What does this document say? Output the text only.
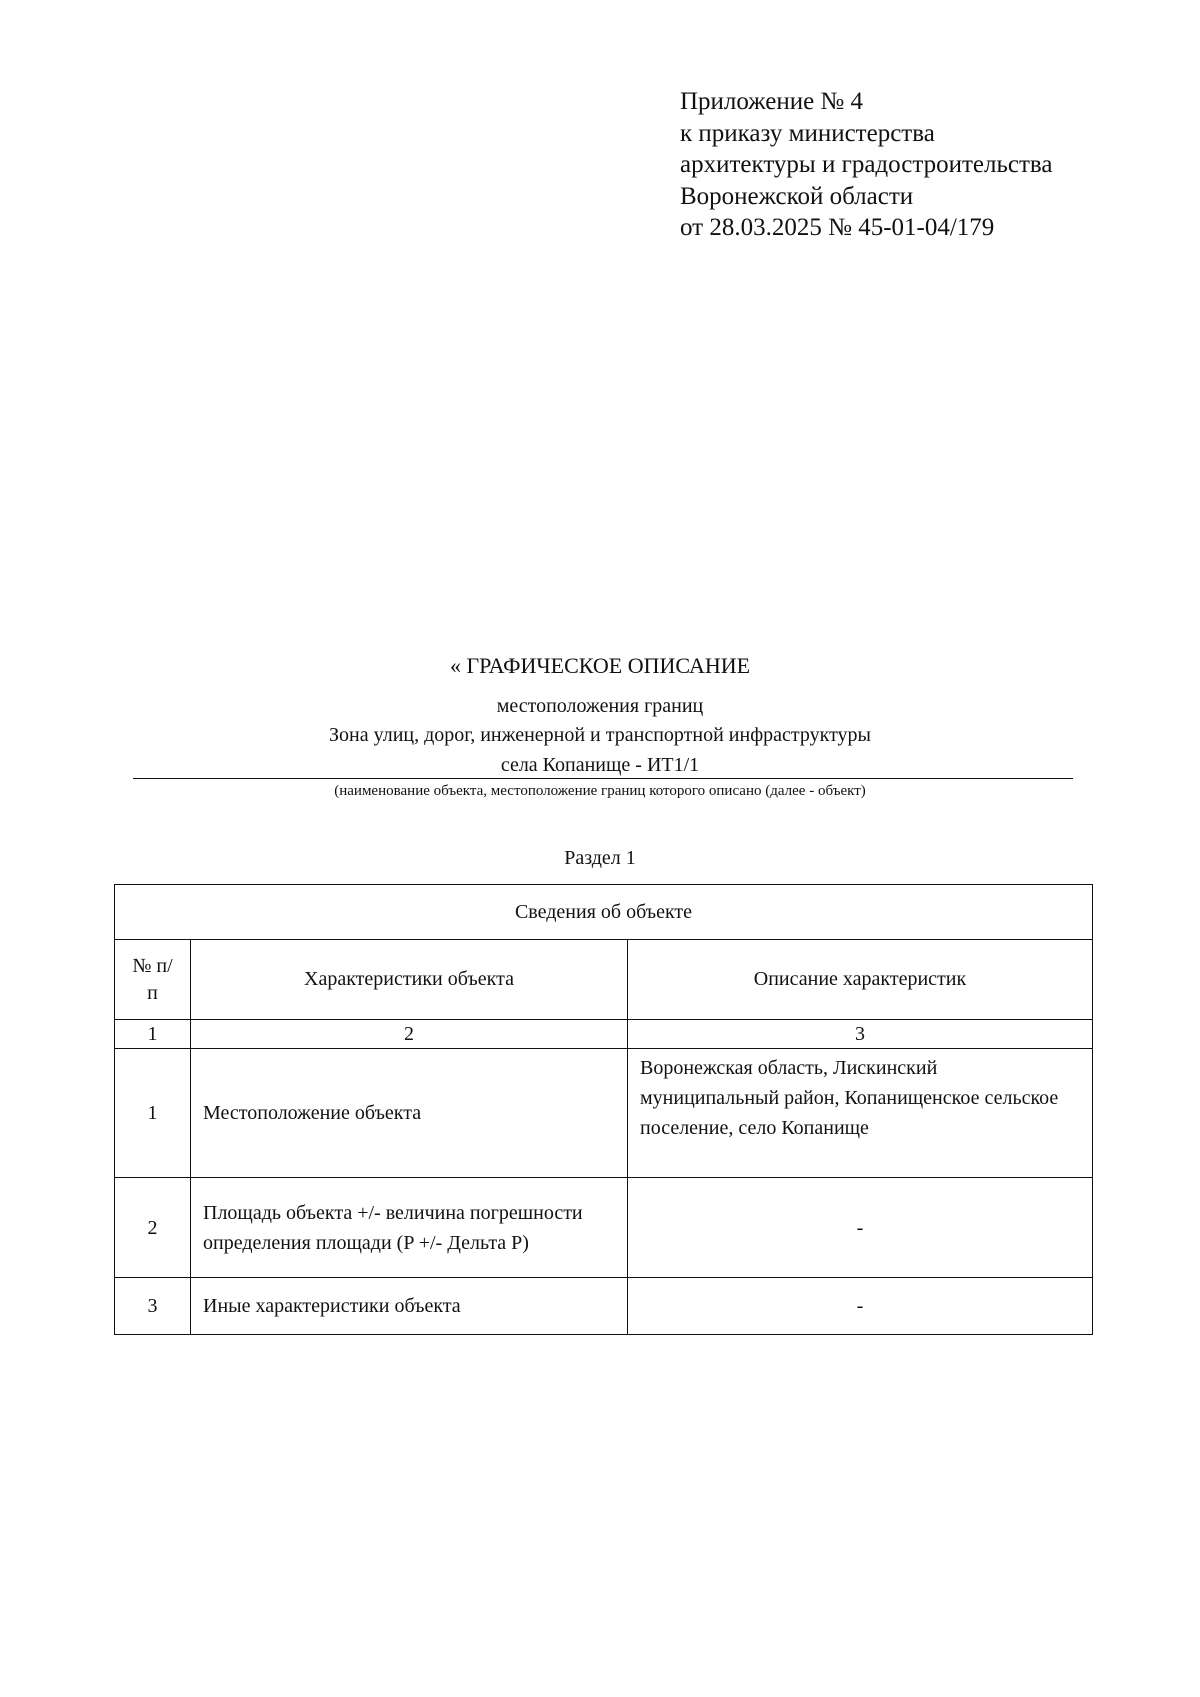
Приложение № 4
к приказу министерства
архитектуры и градостроительства
Воронежской области
от 28.03.2025 № 45-01-04/179
« ГРАФИЧЕСКОЕ ОПИСАНИЕ
местоположения границ
Зона улиц, дорог, инженерной и транспортной инфраструктуры
села Копанище - ИТ1/1
(наименование объекта, местоположение границ которого описано (далее - объект)
Раздел 1
Сведения об объекте		
№ п/п	Характеристики объекта	Описание характеристик
1	2	3
1	Местоположение объекта	Воронежская область, Лискинский муниципальный район, Копанищенское сельское поселение, село Копанище
2	Площадь объекта +/- величина погрешности определения площади (P +/- Дельта P)	-
3	Иные характеристики объекта	-
